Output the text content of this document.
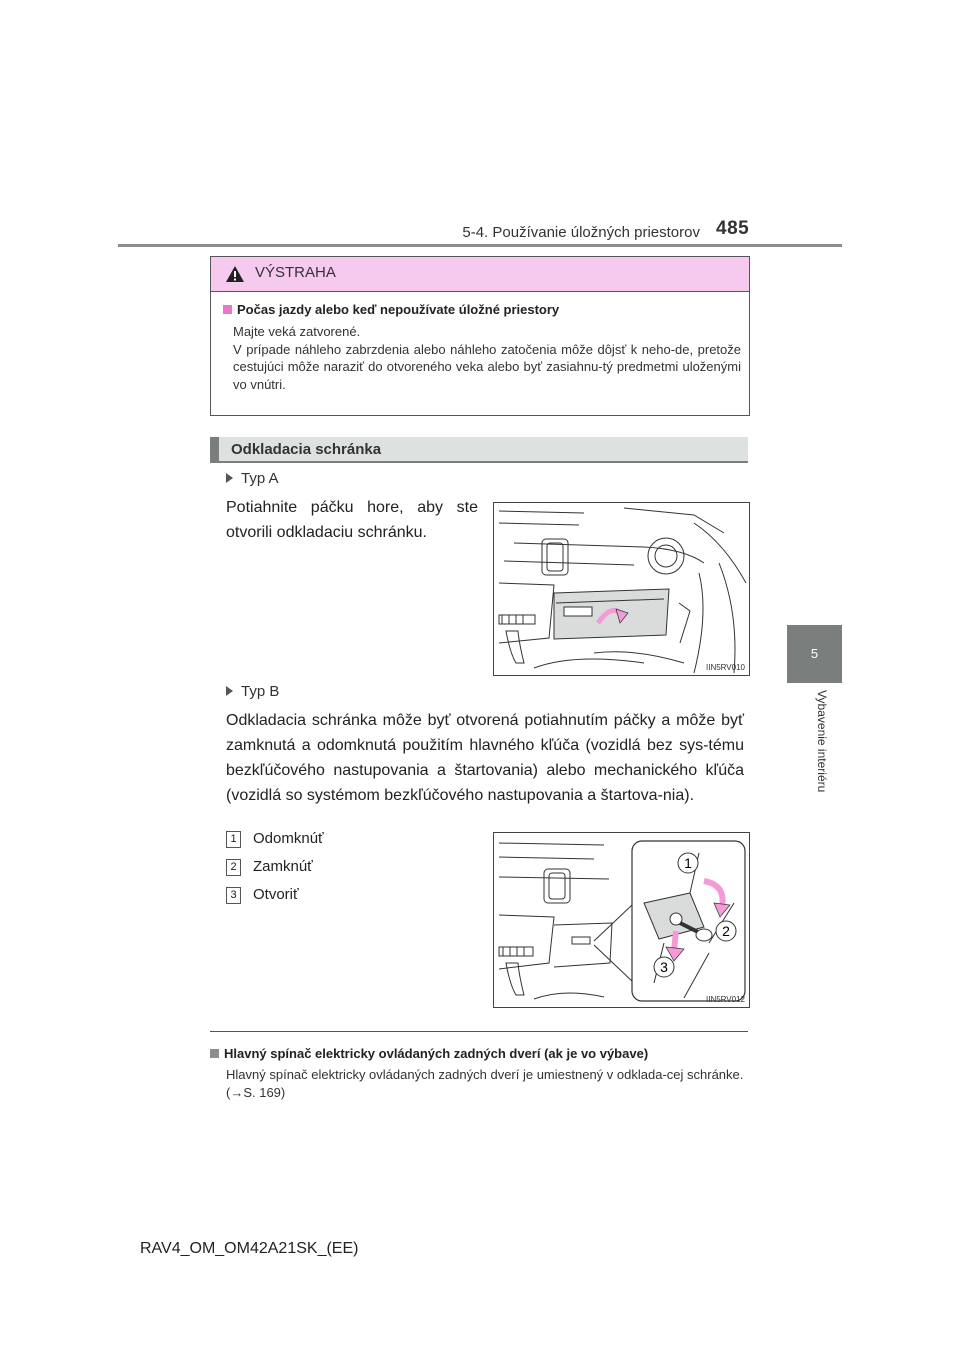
5-4. Používanie úložných priestorov 485
5
Vybavenie interiéru
VÝSTRAHA
Počas jazdy alebo keď nepoužívate úložné priestory
Majte veká zatvorené.
V prípade náhleho zabrzdenia alebo náhleho zatočenia môže dôjsť k neho-de, pretože cestujúci môže naraziť do otvoreného veka alebo byť zasiahnu-tý predmetmi uloženými vo vnútri.
Odkladacia schránka
Typ A
Potiahnite páčku hore, aby ste otvorili odkladaciu schránku.
IIN5RV010
Typ B
Odkladacia schránka môže byť otvorená potiahnutím páčky a môže byť zamknutá a odomknutá použitím hlavného kľúča (vozidlá bez sys-tému bezkľúčového nastupovania a štartovania) alebo mechanického kľúča (vozidlá so systémom bezkľúčového nastupovania a štartova-nia).
1 Odomknúť
2 Zamknúť
3 Otvoriť
1
2
3
IIN5RV012
Hlavný spínač elektricky ovládaných zadných dverí (ak je vo výbave)
Hlavný spínač elektricky ovládaných zadných dverí je umiestnený v odklada-cej schránke. (→S. 169)
RAV4_OM_OM42A21SK_(EE)
